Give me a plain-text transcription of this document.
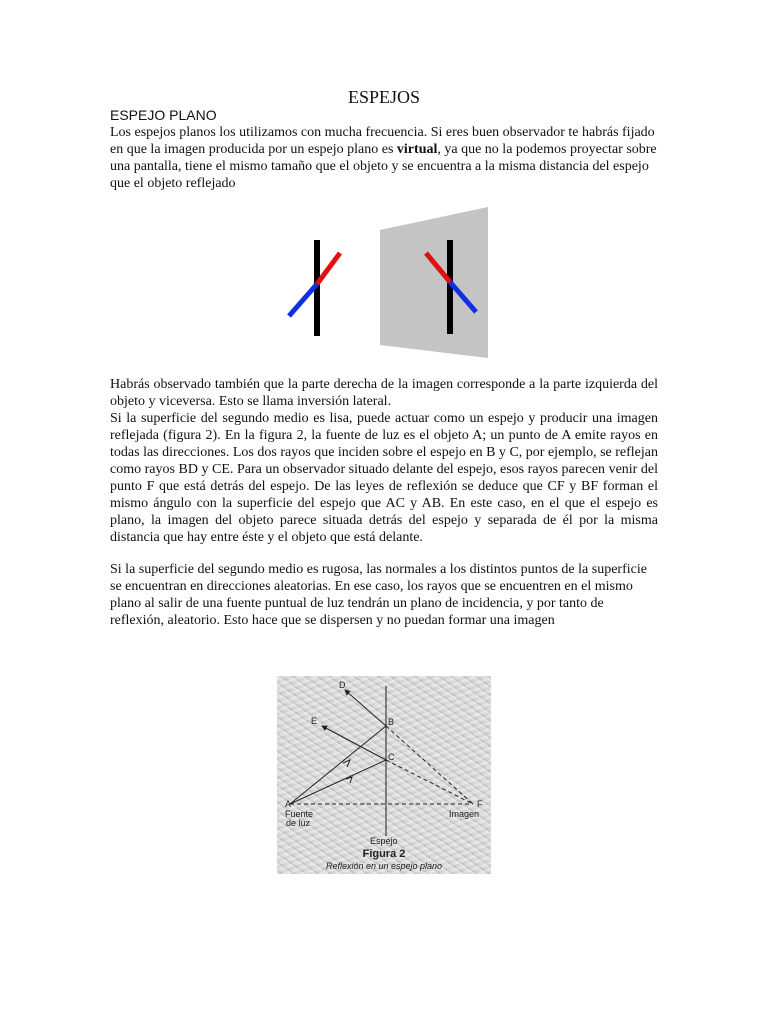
ESPEJOS
ESPEJO PLANO
Los espejos planos los utilizamos con mucha frecuencia. Si eres buen observador te habrás fijado en que la imagen producida por un espejo plano es virtual, ya que no la podemos proyectar sobre una pantalla, tiene el mismo tamaño que el objeto y se encuentra a la misma distancia del espejo que el objeto reflejado
Habrás observado también que la parte derecha de la imagen corresponde a la parte izquierda del objeto y viceversa. Esto se llama inversión lateral.
Si la superficie del segundo medio es lisa, puede actuar como un espejo y producir una imagen reflejada (figura 2). En la figura 2, la fuente de luz es el objeto A; un punto de A emite rayos en todas las direcciones. Los dos rayos que inciden sobre el espejo en B y C, por ejemplo, se reflejan como rayos BD y CE. Para un observador situado delante del espejo, esos rayos parecen venir del punto F que está detrás del espejo. De las leyes de reflexión se deduce que CF y BF forman el mismo ángulo con la superficie del espejo que AC y AB. En este caso, en el que el espejo es plano, la imagen del objeto parece situada detrás del espejo y separada de él por la misma distancia que hay entre éste y el objeto que está delante.
Si la superficie del segundo medio es rugosa, las normales a los distintos puntos de la superficie se encuentran en direcciones aleatorias. En ese caso, los rayos que se encuentren en el mismo plano al salir de una fuente puntual de luz tendrán un plano de incidencia, y por tanto de reflexión, aleatorio. Esto hace que se dispersen y no puedan formar una imagen
D
E	B
C
A	F
Fuente
de luz
Imagen
Espejo
Figura 2
Reflexión en un espejo plano
